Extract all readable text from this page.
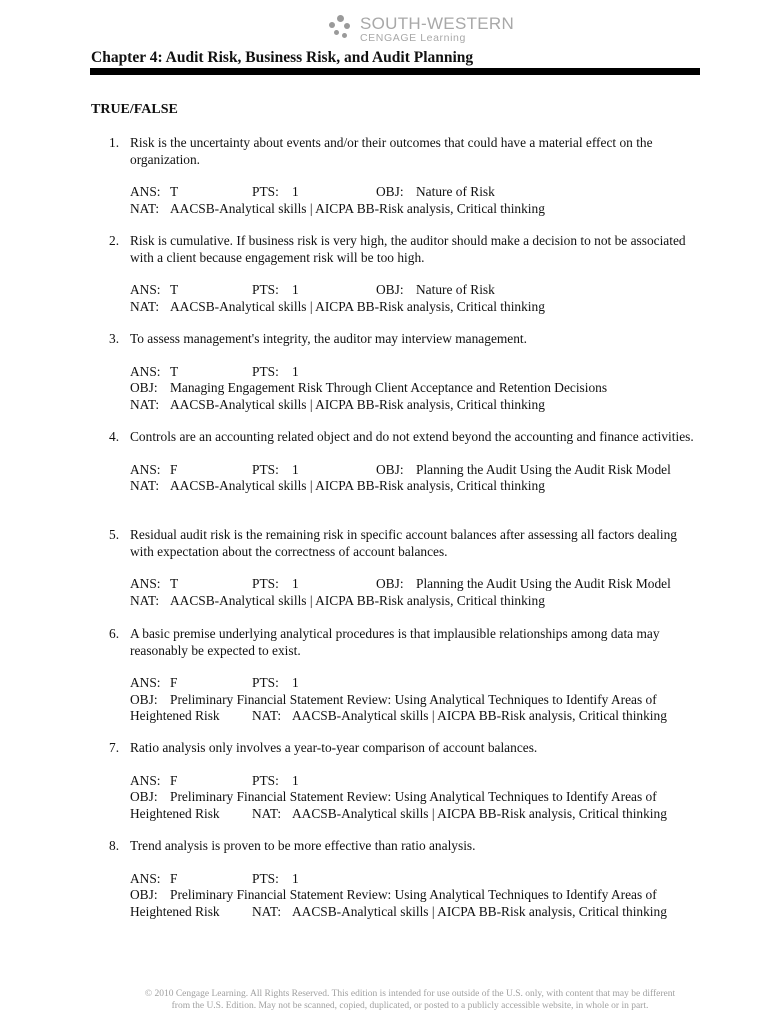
SOUTH-WESTERN
CENGAGE Learning
Chapter 4: Audit Risk, Business Risk, and Audit Planning
TRUE/FALSE
1. Risk is the uncertainty about events and/or their outcomes that could have a material effect on the organization.
ANS: T	PTS: 1	OBJ: Nature of Risk
NAT: AACSB-Analytical skills | AICPA BB-Risk analysis, Critical thinking
2. Risk is cumulative. If business risk is very high, the auditor should make a decision to not be associated with a client because engagement risk will be too high.
ANS: T	PTS: 1	OBJ: Nature of Risk
NAT: AACSB-Analytical skills | AICPA BB-Risk analysis, Critical thinking
3. To assess management's integrity, the auditor may interview management.
ANS: T	PTS: 1
OBJ: Managing Engagement Risk Through Client Acceptance and Retention Decisions
NAT: AACSB-Analytical skills | AICPA BB-Risk analysis, Critical thinking
4. Controls are an accounting related object and do not extend beyond the accounting and finance activities.
ANS: F	PTS: 1	OBJ: Planning the Audit Using the Audit Risk Model
NAT: AACSB-Analytical skills | AICPA BB-Risk analysis, Critical thinking
5. Residual audit risk is the remaining risk in specific account balances after assessing all factors dealing with expectation about the correctness of account balances.
ANS: T	PTS: 1	OBJ: Planning the Audit Using the Audit Risk Model
NAT: AACSB-Analytical skills | AICPA BB-Risk analysis, Critical thinking
6. A basic premise underlying analytical procedures is that implausible relationships among data may reasonably be expected to exist.
ANS: F	PTS: 1
OBJ: Preliminary Financial Statement Review: Using Analytical Techniques to Identify Areas of
Heightened Risk	NAT: AACSB-Analytical skills | AICPA BB-Risk analysis, Critical thinking
7. Ratio analysis only involves a year-to-year comparison of account balances.
ANS: F	PTS: 1
OBJ: Preliminary Financial Statement Review: Using Analytical Techniques to Identify Areas of
Heightened Risk	NAT: AACSB-Analytical skills | AICPA BB-Risk analysis, Critical thinking
8. Trend analysis is proven to be more effective than ratio analysis.
ANS: F	PTS: 1
OBJ: Preliminary Financial Statement Review: Using Analytical Techniques to Identify Areas of
Heightened Risk	NAT: AACSB-Analytical skills | AICPA BB-Risk analysis, Critical thinking
© 2010 Cengage Learning. All Rights Reserved. This edition is intended for use outside of the U.S. only, with content that may be different
from the U.S. Edition. May not be scanned, copied, duplicated, or posted to a publicly accessible website, in whole or in part.
